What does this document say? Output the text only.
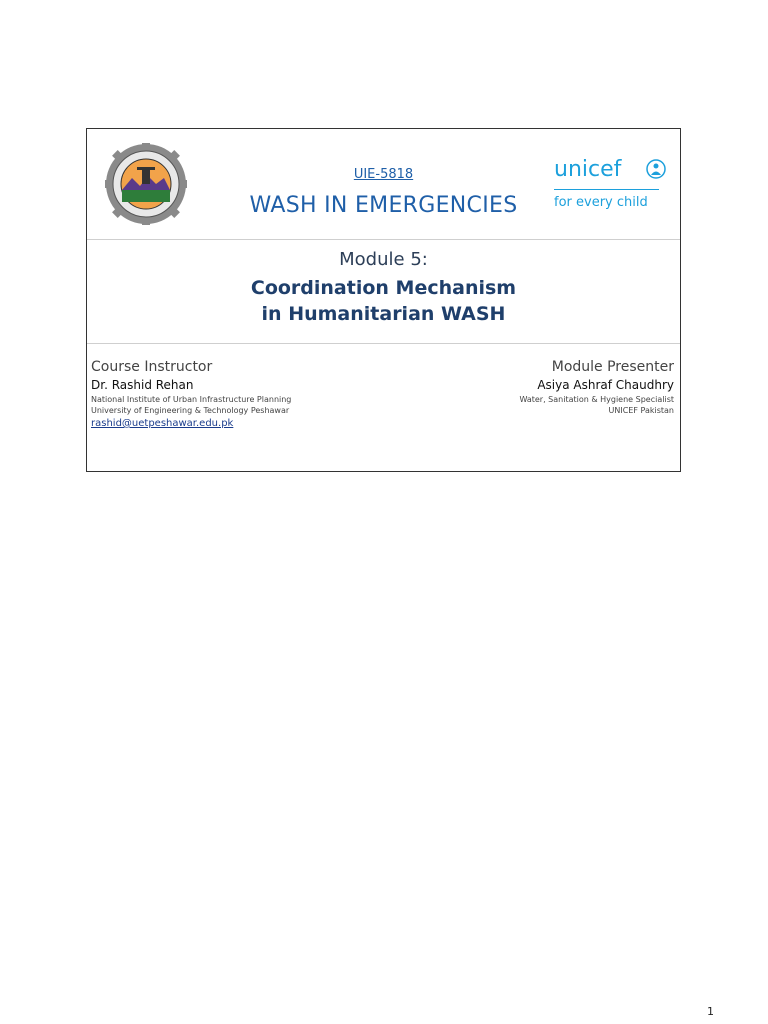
UIE-5818
WASH IN EMERGENCIES
unicef
for every child
Module 5:
Coordination Mechanism
in Humanitarian WASH
Course Instructor
Dr. Rashid Rehan
National Institute of Urban Infrastructure Planning
University of Engineering & Technology Peshawar
rashid@uetpeshawar.edu.pk
Module Presenter
Asiya Ashraf Chaudhry
Water, Sanitation & Hygiene Specialist
UNICEF Pakistan
1
